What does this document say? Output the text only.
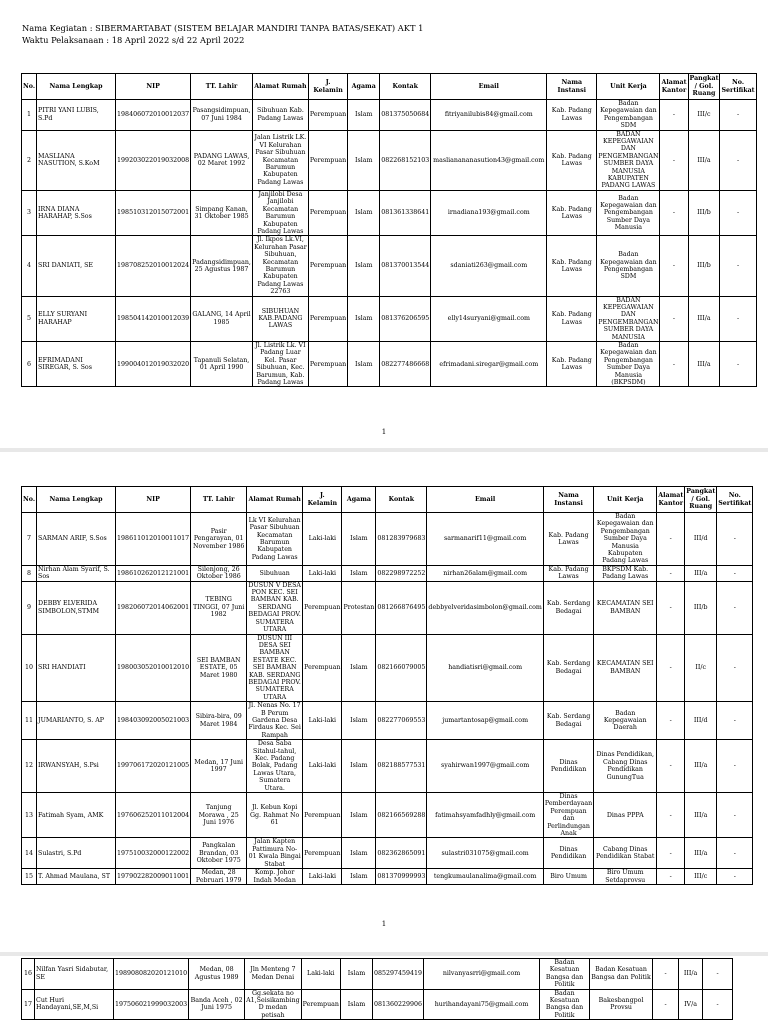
Nama Kegiatan : SIBERMARTABAT (SISTEM BELAJAR MANDIRI TANPA BATAS/SEKAT) AKT 1
Waktu Pelaksanaan : 18 April 2022 s/d 22 April 2022
No.	Nama Lengkap	NIP	TT. Lahir	Alamat Rumah	J. Kelamin	Agama	Kontak	Email	Nama Instansi	Unit Kerja	Alamat Kantor	Pangkat / Gol. Ruang	No. Sertifikat
1	PITRI YANI LUBIS, S.Pd	198406072010012037	Pasangsidimpuan, 07 Juni 1984	Sibuhuan Kab. Padang Lawas	Perempuan	Islam	081375050684	fitriyanilubis84@gmail.com	Kab. Padang Lawas	Badan Kepegawaian dan Pengembangan SDM	-	III/c	-
2	MASLIANA NASUTION, S.KoM	199203022019032008	PADANG LAWAS, 02 Maret 1992	Jalan Listrik LK. VI Kelurahan Pasar Sibuhuan Kecamatan Barumun Kabupaten Padang Lawas	Perempuan	Islam	082268152103	maslianananasution43@gmail.com	Kab. Padang Lawas	BADAN KEPEGAWAIAN DAN PENGEMBANGAN SUMBER DAYA MANUSIA KABUPATEN PADANG LAWAS	-	III/a	-
3	IRNA DIANA HARAHAP, S.Sos	198510312015072001	Simpang Kanan, 31 Oktober 1985	Janjilobi Desa Janjilobi Kecamatan Barumun Kabupaten Padang Lawas	Perempuan	Islam	081361338641	irnadiana193@gmail.com	Kab. Padang Lawas	Badan Kepegawaian dan Pengembangan Sumber Daya Manusia	-	III/b	-
4	SRI DANIATI, SE	198708252010012024	Padangsidimpuan, 25 Agustus 1987	Jl. Ikpos Lk.VI, Kelurahan Pasar Sibuhuan, Kecamatan Barumun Kabupaten Padang Lawas 22763	Perempuan	Islam	081370013544	sdaniati263@gmail.com	Kab. Padang Lawas	Badan Kepegawaian dan Pengembangan SDM	-	III/b	-
5	ELLY SURYANI HARAHAP	198504142010012039	GALANG, 14 April 1985	SIBUHUAN KAB.PADANG LAWAS	Perempuan	Islam	081376206595	elly14suryani@gmail.com	Kab. Padang Lawas	BADAN KEPEGAWAIAN DAN PENGEMBANGAN SUMBER DAYA MANUSIA	-	III/a	-
6	EFRIMADANI SIREGAR, S. Sos	199004012019032020	Tapanuli Selatan, 01 April 1990	Jl. Listrik Lk. VI Padang Luar Kel. Pasar Sibuhuan, Kec. Barumun, Kab. Padang Lawas	Perempuan	Islam	082277486668	efrimadani.siregar@gmail.com	Kab. Padang Lawas	Badan Kepegawaian dan Pengembangan Sumber Daya Manusia (BKPSDM)	-	III/a	-
1
No.	Nama Lengkap	NIP	TT. Lahir	Alamat Rumah	J. Kelamin	Agama	Kontak	Email	Nama Instansi	Unit Kerja	Alamat Kantor	Pangkat / Gol. Ruang	No. Sertifikat
7	SARMAN ARIF, S.Sos	198611012010011017	Pasir Pengarayan, 01 November 1986	Lk VI Kelurahan Pasar Sibuhuan Kecamatan Barumun Kabupaten Padang Lawas	Laki-laki	Islam	081283979683	sarmanarif11@gmail.com	Kab. Padang Lawas	Badan Kepegawaian dan Pengembangan Sumber Daya Manusia Kabupaten Padang Lawas	-	III/d	-
8	Nirhan Alam Syarif, S. Sos	198610262012121001	Silenjong, 26 Oktober 1986	Sibuhuan	Laki-laki	Islam	082298972252	nirhan26alam@gmail.com	Kab. Padang Lawas	BKPSDM Kab. Padang Lawas	-	III/a	-
9	DEBBY ELVERIDA SIMBOLON,STMM	198206072014062001	TEBING TINGGI, 07 Juni 1982	DUSUN V DESA PON KEC. SEI BAMBAN KAB. SERDANG BEDAGAI PROV. SUMATERA UTARA	Perempuan	Protestan	081266876495	debbyelveridasimbolon@gmail.com	Kab. Serdang Bedagai	KECAMATAN SEI BAMBAN	-	III/b	-
10	SRI HANDIATI	198003052010012010	SEI BAMBAN ESTATE, 05 Maret 1980	DUSUN III DESA SEI BAMBAN ESTATE KEC. SEI BAMBAN KAB. SERDANG BEDAGAI PROV. SUMATERA UTARA	Perempuan	Islam	082166079005	handiatisri@gmail.com	Kab. Serdang Bedagai	KECAMATAN SEI BAMBAN	-	II/c	-
11	JUMARIANTO, S. AP	198403092005021003	Sibira-bira, 09 Maret 1984	Jl. Nenas No. 17 B Perum Gardena Desa Firdaus Kec. Sei Rampah	Laki-laki	Islam	082277069553	jumartantosap@gmail.com	Kab. Serdang Bedagai	Badan Kepegawaian Daerah	-	III/d	-
12	IRWANSYAH, S.Psi	199706172020121005	Medan, 17 Juni 1997	Desa Saba Sitahul-tahul, Kec. Padang Bolak, Padang Lawas Utara, Sumatera Utara.	Laki-laki	Islam	082188577531	syahirwan1997@gmail.com	Dinas Pendidikan	Dinas Pendidikan, Cabang Dinas Pendidikan GunungTua	-	III/a	-
13	Fatimah Syam, AMK	197606252011012004	Tanjung Morawa , 25 Juni 1976	Jl. Kebun Kopi Gg. Rahmat No 61	Perempuan	Islam	082166569288	fatimahsyamfadhly@gmail.com	Dinas Pemberdayaan Perempuan dan Perlindungan Anak	Dinas PPPA	-	III/a	-
14	Sulastri, S.Pd	197510032000122002	Pangkalan Brandan, 03 Oktober 1975	Jalan Kapten Pattimura No-01 Kwala Bingai Stabat	Perempuan	Islam	082362865091	sulastri031075@gmail.com	Dinas Pendidikan	Cabang Dinas Pendidikan Stabat	-	III/a	-
15	T. Ahmad Maulana, ST	197902282009011001	Medan, 28 Pebruari 1979	Komp. Johor Indah Medan	Laki-laki	Islam	081370999993	tengkumaulanalima@gmail.com	Biro Umum	Biro Umum Setdaprovsu	-	III/c	-
1
16	Nilfan Yasri Sidabutar, SE	198908082020121010	Medan, 08 Agustus 1989	Jln Menteng 7 Medan Denai	Laki-laki	Islam	085297459419	nilvanyasrri@gmail.com	Badan Kesatuan Bangsa dan Politik	Badan Kesatuan Bangsa dan Politik	-	III/a	-
17	Cut Huri Handayani,SE,M,Si	197506021999032003	Banda Aceh , 02 Juni 1975	Gg.sekata no A1,Seisikambing D medan petisah	Perempuan	Islam	081360229906	hurihandayani75@gmail.com	Badan Kesatuan Bangsa dan Politik	Bakesbangpol Provsu	-	IV/a	-
